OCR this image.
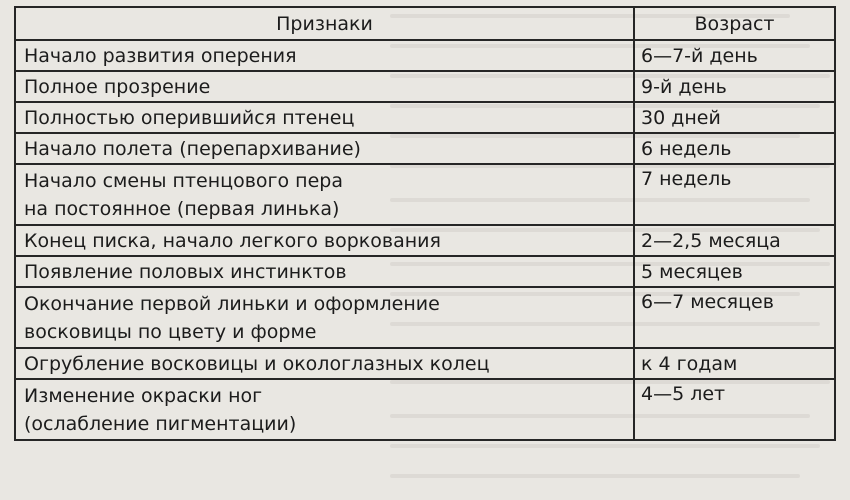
Признаки	Возраст
Начало развития оперения	6—7-й день
Полное прозрение	9-й день
Полностью оперившийся птенец	30 дней
Начало полета (перепархивание)	6 недель
Начало смены птенцового пера
на постоянное (первая линька)	7 недель
Конец писка, начало легкого воркования	2—2,5 месяца
Появление половых инстинктов	5 месяцев
Окончание первой линьки и оформление
восковицы по цвету и форме	6—7 месяцев
Огрубление восковицы и окологлазных колец	к 4 годам
Изменение окраски ног
(ослабление пигментации)	4—5 лет
